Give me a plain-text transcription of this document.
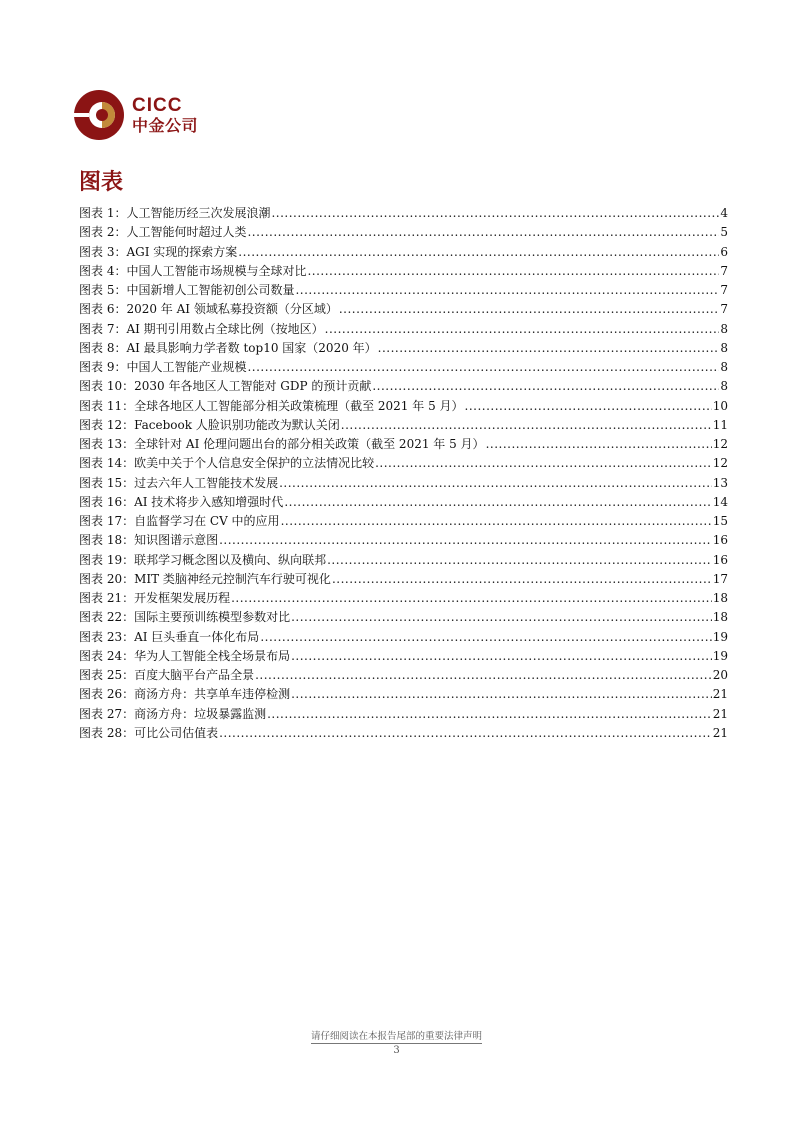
CICC
中金公司
图表
图表 1：人工智能历经三次发展浪潮 .....	4
图表 2：人工智能何时超过人类 .....	5
图表 3：AGI 实现的探索方案 .....	6
图表 4：中国人工智能市场规模与全球对比 .....	7
图表 5：中国新增人工智能初创公司数量 .....	7
图表 6：2020 年 AI 领域私募投资额（分区域） .....	7
图表 7：AI 期刊引用数占全球比例（按地区） .....	8
图表 8：AI 最具影响力学者数 top10 国家（2020 年） .....	8
图表 9：中国人工智能产业规模 .....	8
图表 10：2030 年各地区人工智能对 GDP 的预计贡献 .....	8
图表 11：全球各地区人工智能部分相关政策梳理（截至 2021 年 5 月） .....	10
图表 12：Facebook 人脸识别功能改为默认关闭 .....	11
图表 13：全球针对 AI 伦理问题出台的部分相关政策（截至 2021 年 5 月） .....	12
图表 14：欧美中关于个人信息安全保护的立法情况比较 .....	12
图表 15：过去六年人工智能技术发展 .....	13
图表 16：AI 技术将步入感知增强时代 .....	14
图表 17：自监督学习在 CV 中的应用 .....	15
图表 18：知识图谱示意图 .....	16
图表 19：联邦学习概念图以及横向、纵向联邦 .....	16
图表 20：MIT 类脑神经元控制汽车行驶可视化 .....	17
图表 21：开发框架发展历程 .....	18
图表 22：国际主要预训练模型参数对比 .....	18
图表 23：AI 巨头垂直一体化布局 .....	19
图表 24：华为人工智能全栈全场景布局 .....	19
图表 25：百度大脑平台产品全景 .....	20
图表 26：商汤方舟：共享单车违停检测 .....	21
图表 27：商汤方舟：垃圾暴露监测 .....	21
图表 28：可比公司估值表 .....	21
请仔细阅读在本报告尾部的重要法律声明
3
